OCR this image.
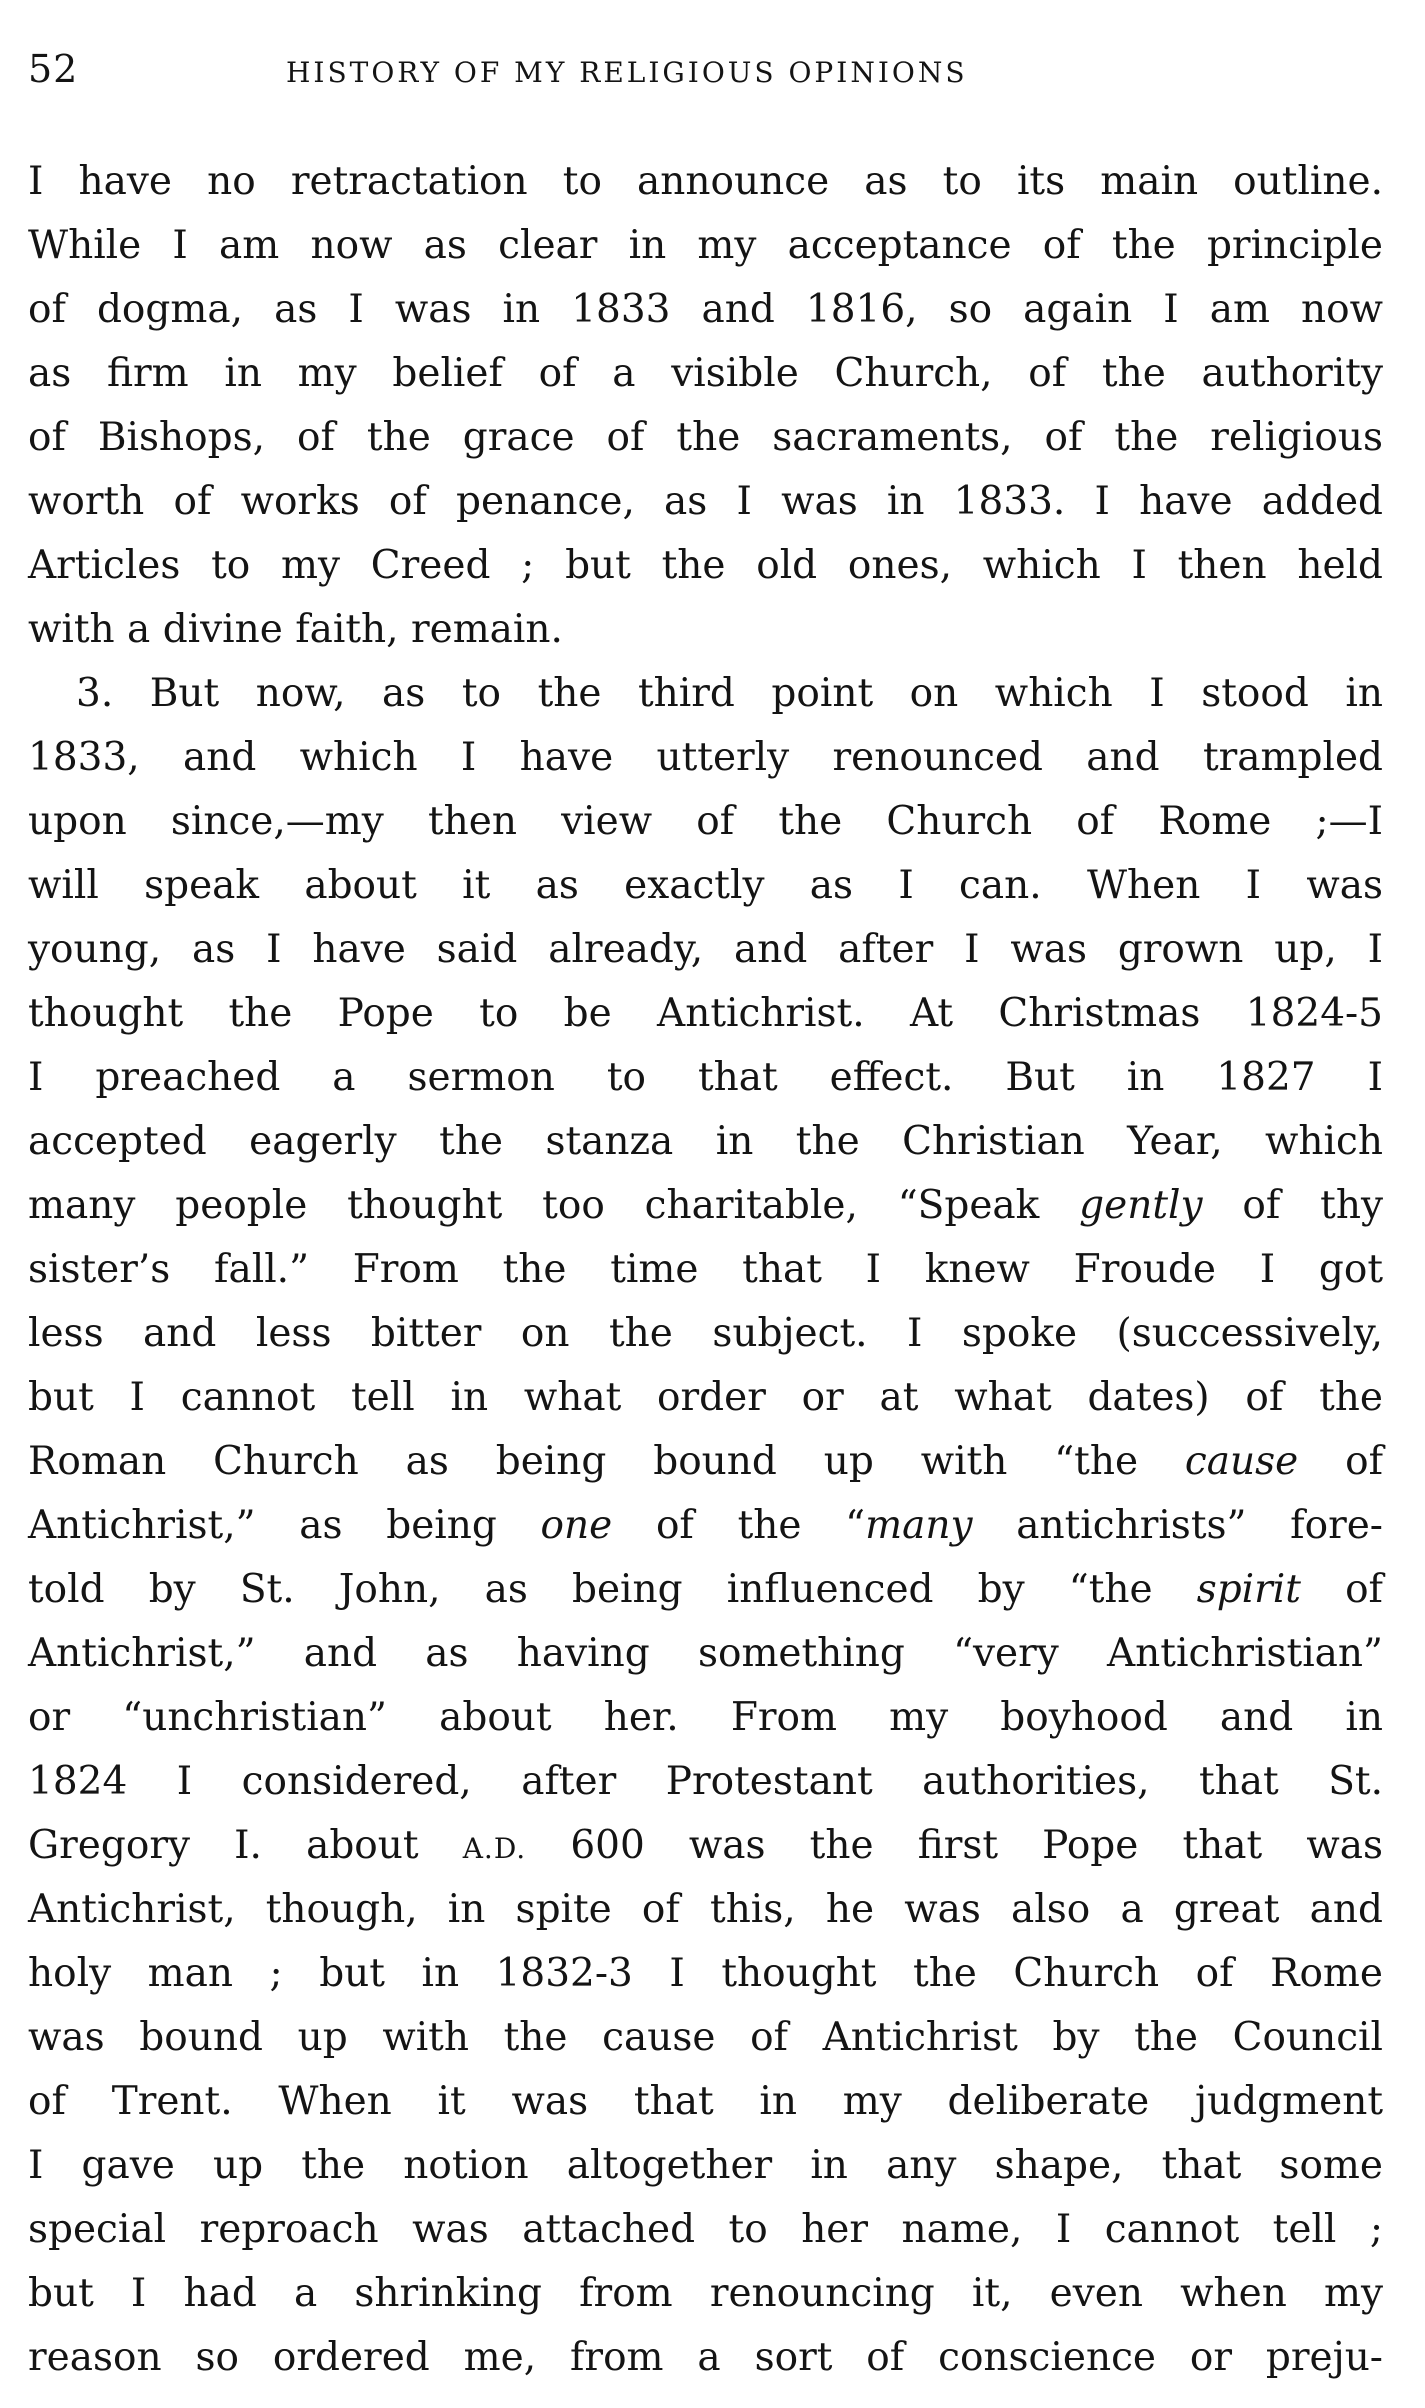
52	HISTORY OF MY RELIGIOUS OPINIONS
I have no retractation to announce as to its main outline.
While I am now as clear in my acceptance of the principle
of dogma, as I was in 1833 and 1816, so again I am now
as firm in my belief of a visible Church, of the authority
of Bishops, of the grace of the sacraments, of the religious
worth of works of penance, as I was in 1833. I have added
Articles to my Creed ; but the old ones, which I then held
with a divine faith, remain.
3. But now, as to the third point on which I stood in
1833, and which I have utterly renounced and trampled
upon since,—my then view of the Church of Rome ;—I
will speak about it as exactly as I can. When I was
young, as I have said already, and after I was grown up, I
thought the Pope to be Antichrist. At Christmas 1824-5
I preached a sermon to that effect. But in 1827 I
accepted eagerly the stanza in the Christian Year, which
many people thought too charitable, “Speak gently of thy
sister’s fall.” From the time that I knew Froude I got
less and less bitter on the subject. I spoke (successively,
but I cannot tell in what order or at what dates) of the
Roman Church as being bound up with “the cause of
Antichrist,” as being one of the “many antichrists” fore-
told by St. John, as being influenced by “the spirit of
Antichrist,” and as having something “very Antichristian”
or “unchristian” about her. From my boyhood and in
1824 I considered, after Protestant authorities, that St.
Gregory I. about A.D. 600 was the first Pope that was
Antichrist, though, in spite of this, he was also a great and
holy man ; but in 1832-3 I thought the Church of Rome
was bound up with the cause of Antichrist by the Council
of Trent. When it was that in my deliberate judgment
I gave up the notion altogether in any shape, that some
special reproach was attached to her name, I cannot tell ;
but I had a shrinking from renouncing it, even when my
reason so ordered me, from a sort of conscience or preju-
